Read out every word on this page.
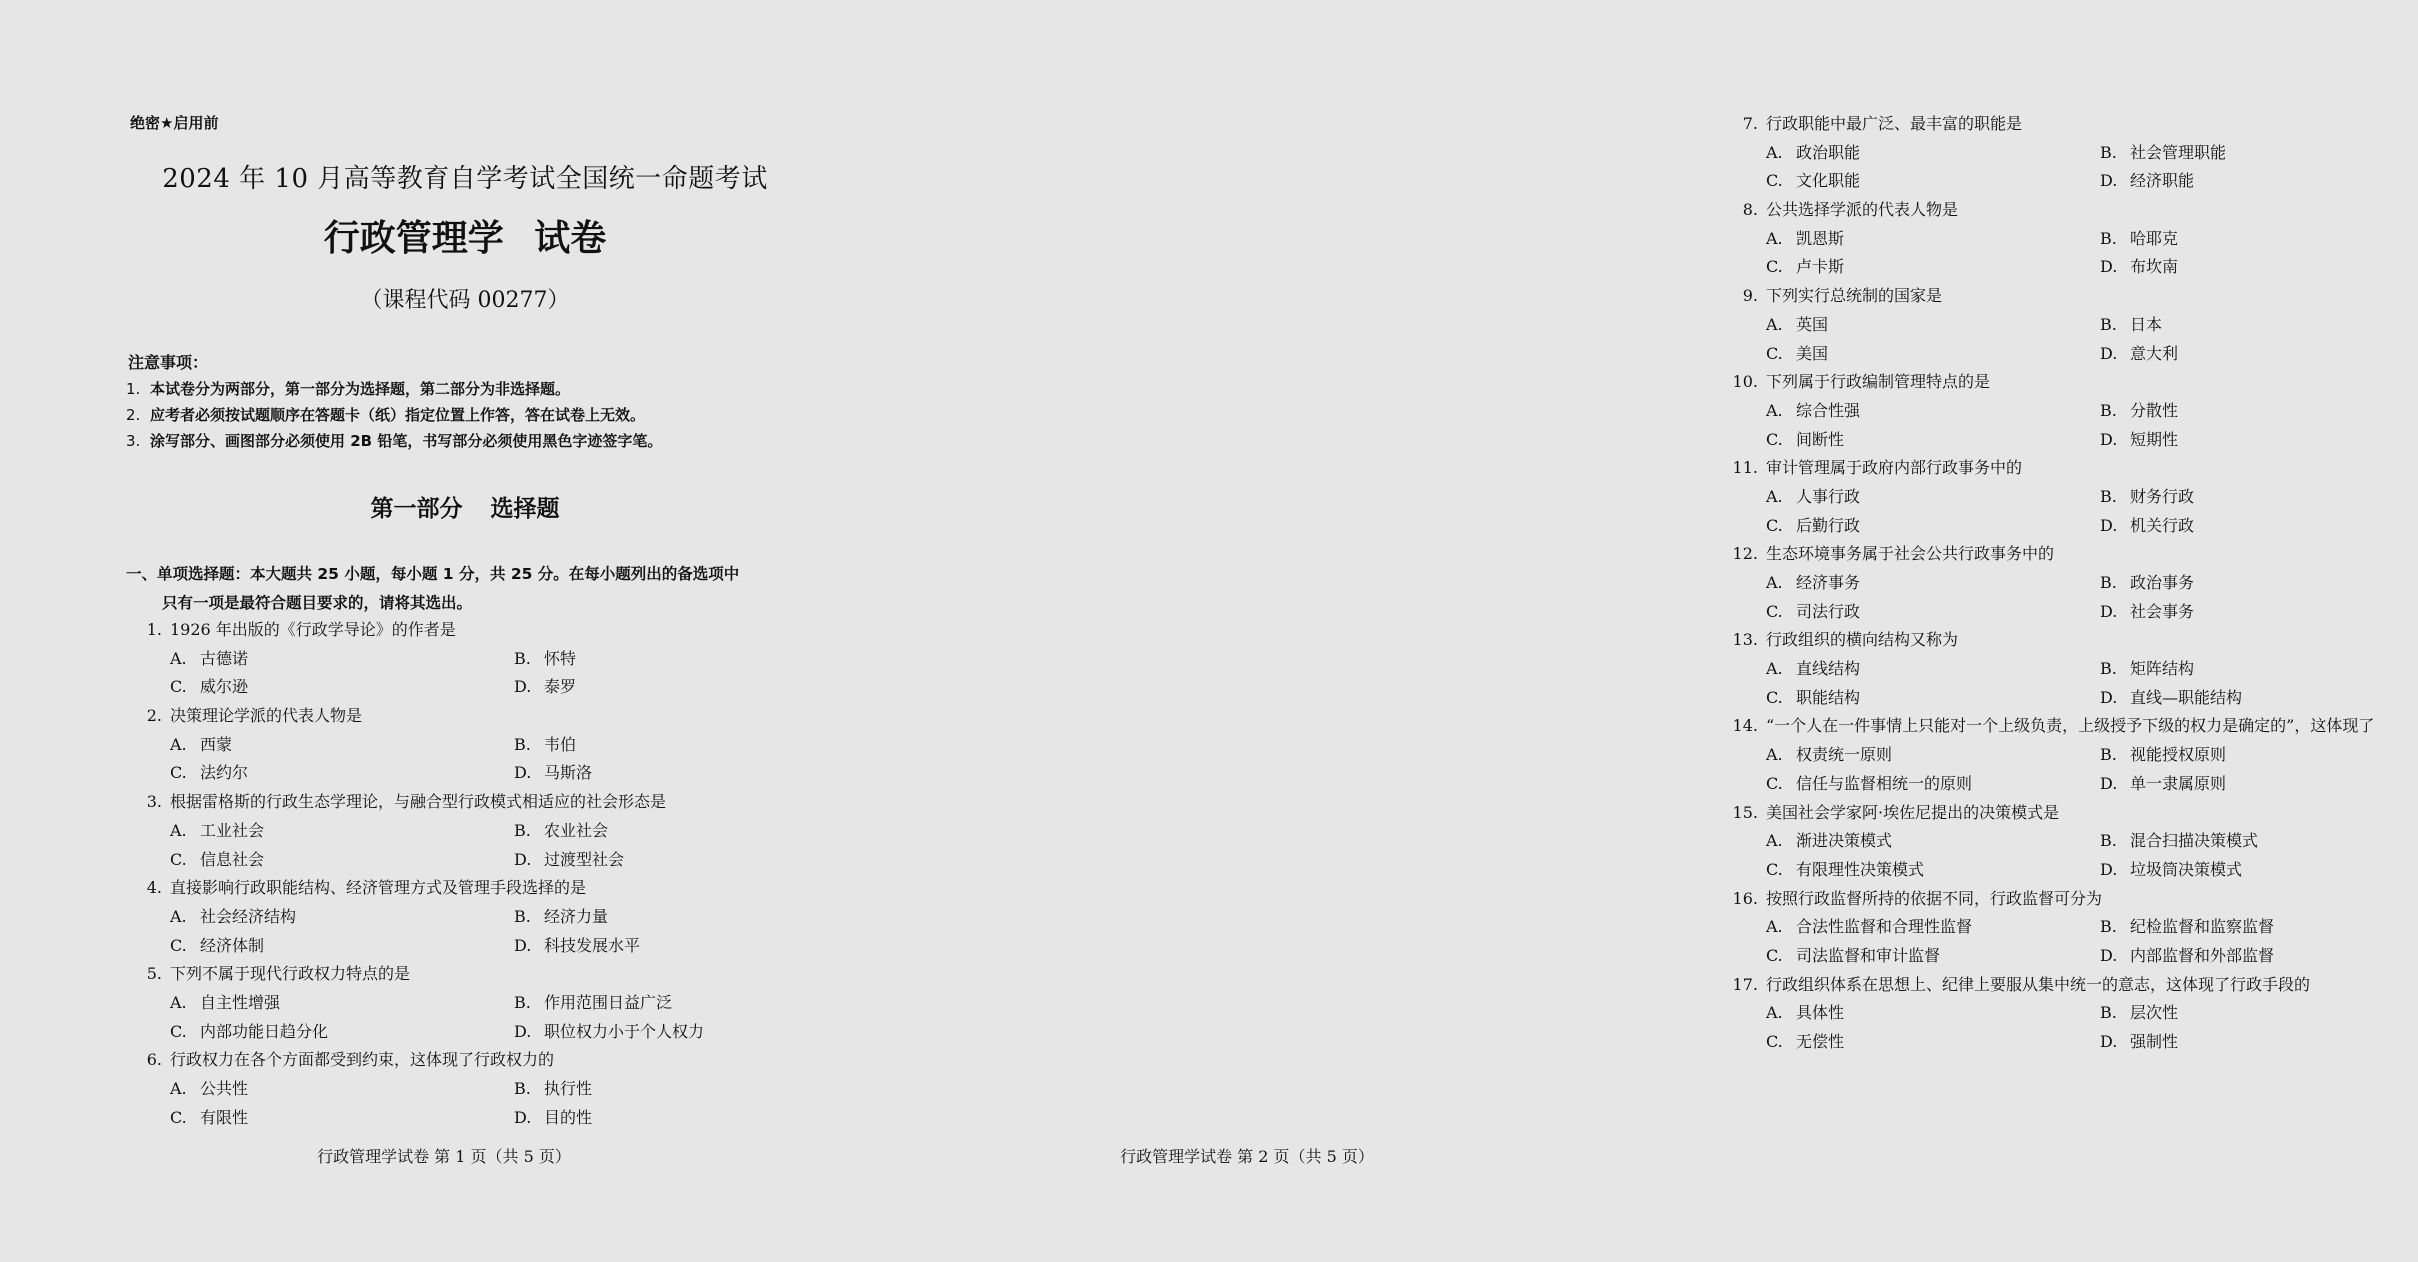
绝密★启用前
2024 年 10 月高等教育自学考试全国统一命题考试
行政管理学 试卷
（课程代码 00277）
注意事项：
1. 本试卷分为两部分，第一部分为选择题，第二部分为非选择题。
2. 应考者必须按试题顺序在答题卡（纸）指定位置上作答，答在试卷上无效。
3. 涂写部分、画图部分必须使用 2B 铅笔，书写部分必须使用黑色字迹签字笔。
第一部分 选择题
一、单项选择题：本大题共 25 小题，每小题 1 分，共 25 分。在每小题列出的备选项中
只有一项是最符合题目要求的，请将其选出。
1. 1926 年出版的《行政学导论》的作者是
A. 古德诺	B. 怀特
C. 威尔逊	D. 泰罗
2. 决策理论学派的代表人物是
A. 西蒙	B. 韦伯
C. 法约尔	D. 马斯洛
3. 根据雷格斯的行政生态学理论，与融合型行政模式相适应的社会形态是
A. 工业社会	B. 农业社会
C. 信息社会	D. 过渡型社会
4. 直接影响行政职能结构、经济管理方式及管理手段选择的是
A. 社会经济结构	B. 经济力量
C. 经济体制	D. 科技发展水平
5. 下列不属于现代行政权力特点的是
A. 自主性增强	B. 作用范围日益广泛
C. 内部功能日趋分化	D. 职位权力小于个人权力
6. 行政权力在各个方面都受到约束，这体现了行政权力的
A. 公共性	B. 执行性
C. 有限性	D. 目的性
行政管理学试卷 第 1 页（共 5 页）
7. 行政职能中最广泛、最丰富的职能是
A. 政治职能	B. 社会管理职能
C. 文化职能	D. 经济职能
8. 公共选择学派的代表人物是
A. 凯恩斯	B. 哈耶克
C. 卢卡斯	D. 布坎南
9. 下列实行总统制的国家是
A. 英国	B. 日本
C. 美国	D. 意大利
10. 下列属于行政编制管理特点的是
A. 综合性强	B. 分散性
C. 间断性	D. 短期性
11. 审计管理属于政府内部行政事务中的
A. 人事行政	B. 财务行政
C. 后勤行政	D. 机关行政
12. 生态环境事务属于社会公共行政事务中的
A. 经济事务	B. 政治事务
C. 司法行政	D. 社会事务
13. 行政组织的横向结构又称为
A. 直线结构	B. 矩阵结构
C. 职能结构	D. 直线—职能结构
14. “一个人在一件事情上只能对一个上级负责，上级授予下级的权力是确定的”，这体现了
A. 权责统一原则	B. 视能授权原则
C. 信任与监督相统一的原则	D. 单一隶属原则
15. 美国社会学家阿·埃佐尼提出的决策模式是
A. 渐进决策模式	B. 混合扫描决策模式
C. 有限理性决策模式	D. 垃圾筒决策模式
16. 按照行政监督所持的依据不同，行政监督可分为
A. 合法性监督和合理性监督	B. 纪检监督和监察监督
C. 司法监督和审计监督	D. 内部监督和外部监督
17. 行政组织体系在思想上、纪律上要服从集中统一的意志，这体现了行政手段的
A. 具体性	B. 层次性
C. 无偿性	D. 强制性
行政管理学试卷 第 2 页（共 5 页）
